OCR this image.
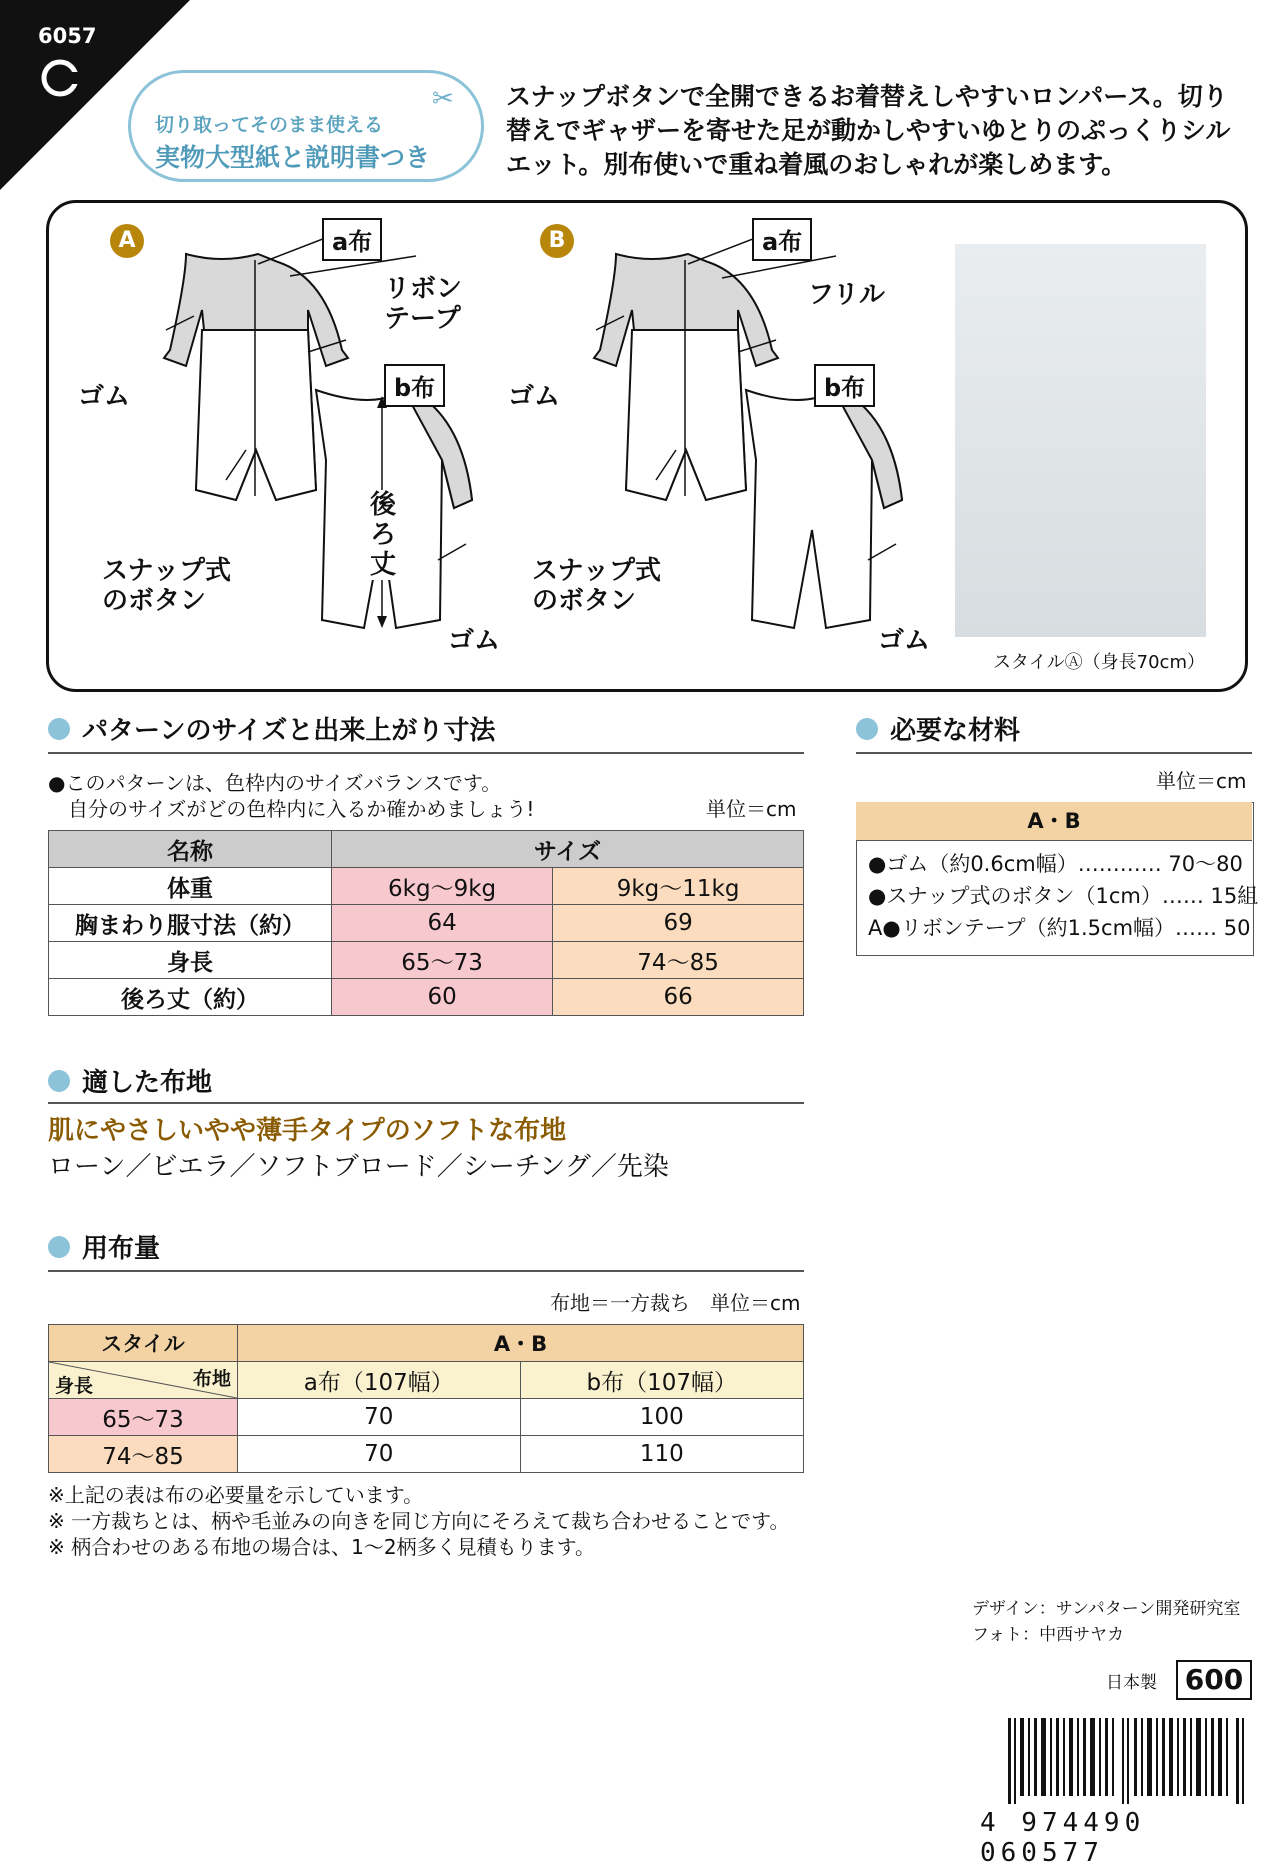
6057
切り取ってそのまま使える
実物大型紙と説明書つき
✂ スナップボタンで全開できるお着替えしやすいロンパース。切り替えでギャザーを寄せた足が動かしやすいゆとりのぷっくりシルエット。別布使いで重ね着風のおしゃれが楽しめます。
スタイルⒶ（身長70cm）
A	B
a布	a布
b布	b布
リボン
テープ
フリル
ゴム	ゴム
ゴム	ゴム
スナップ式
のボタン
スナップ式
のボタン
後ろ丈
パターンのサイズと出来上がり寸法
●このパターンは、色枠内のサイズバランスです。
自分のサイズがどの色枠内に入るか確かめましょう!	単位＝cm
名称	サイズ	
体重	6kg～9kg	9kg～11kg
胸まわり服寸法（約）	64	69
身長	65～73	74～85
後ろ丈（約）	60	66
適した布地
肌にやさしいやや薄手タイプのソフトな布地
ローン／ビエラ／ソフトブロード／シーチング／先染
用布量
布地＝一方裁ち　単位＝cm
スタイル	A・B	

布地
身長	a布（107幅）	b布（107幅）
65～73	70	100
74～85	70	110
※上記の表は布の必要量を示しています。
※ 一方裁ちとは、柄や毛並みの向きを同じ方向にそろえて裁ち合わせることです。
※ 柄合わせのある布地の場合は、1～2柄多く見積もります。
必要な材料
単位＝cm
A・B
●ゴム（約0.6cm幅）………… 70～80
●スナップ式のボタン（1cm）…… 15組
A●リボンテープ（約1.5cm幅）…… 50
デザイン：サンパターン開発研究室
フォト：中西サヤカ
日本製 600
4 974490 060577
